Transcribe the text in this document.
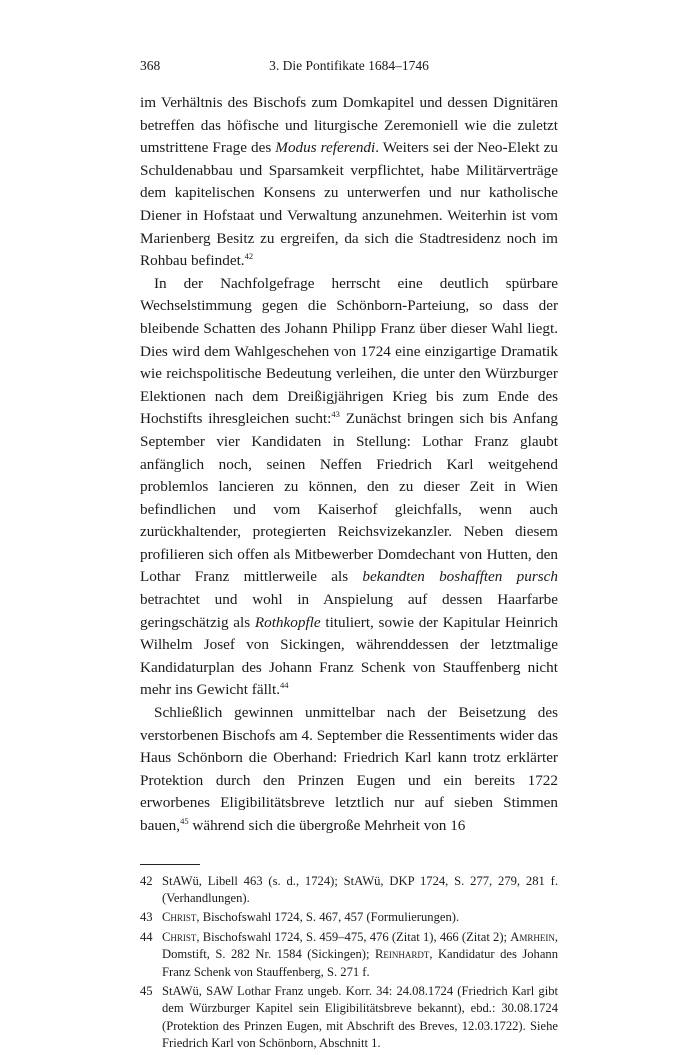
368	3. Die Pontifikate 1684–1746

im Verhältnis des Bischofs zum Domkapitel und dessen Dignitären betreffen das höfische und liturgische Zeremoniell wie die zuletzt umstrittene Frage des Modus referendi. Weiters sei der Neo-Elekt zu Schuldenabbau und Sparsamkeit verpflichtet, habe Militärverträge dem kapitelischen Konsens zu unterwerfen und nur katholische Diener in Hofstaat und Verwaltung anzunehmen. Weiterhin ist vom Marienberg Besitz zu ergreifen, da sich die Stadtresidenz noch im Rohbau befindet.$^{42}$

In der Nachfolgefrage herrscht eine deutlich spürbare Wechselstimmung gegen die Schönborn-Parteiung, so dass der bleibende Schatten des Johann Philipp Franz über dieser Wahl liegt. Dies wird dem Wahlgeschehen von 1724 eine einzigartige Dramatik wie reichspolitische Bedeutung verleihen, die unter den Würzburger Elektionen nach dem Dreißigjährigen Krieg bis zum Ende des Hochstifts ihresgleichen sucht:$^{43}$ Zunächst bringen sich bis Anfang September vier Kandidaten in Stellung: Lothar Franz glaubt anfänglich noch, seinen Neffen Friedrich Karl weitgehend problemlos lancieren zu können, den zu dieser Zeit in Wien befindlichen und vom Kaiserhof gleichfalls, wenn auch zurückhaltender, protegierten Reichsvizekanzler. Neben diesem profilieren sich offen als Mitbewerber Domdechant von Hutten, den Lothar Franz mittlerweile als bekandten boshafften pursch betrachtet und wohl in Anspielung auf dessen Haarfarbe geringschätzig als Rothkopfle tituliert, sowie der Kapitular Heinrich Wilhelm Josef von Sickingen, währenddessen der letztmalige Kandidaturplan des Johann Franz Schenk von Stauffenberg nicht mehr ins Gewicht fällt.$^{44}$

Schließlich gewinnen unmittelbar nach der Beisetzung des verstorbenen Bischofs am 4. September die Ressentiments wider das Haus Schönborn die Oberhand: Friedrich Karl kann trotz erklärter Protektion durch den Prinzen Eugen und ein bereits 1722 erworbenes Eligibilitätsbreve letztlich nur auf sieben Stimmen bauen,$^{45}$ während sich die übergroße Mehrheit von 16

42 StAWü, Libell 463 (s. d., 1724); StAWü, DKP 1724, S. 277, 279, 281 f. (Verhandlungen).
43 Christ, Bischofswahl 1724, S. 467, 457 (Formulierungen).
44 Christ, Bischofswahl 1724, S. 459–475, 476 (Zitat 1), 466 (Zitat 2); Amrhein, Domstift, S. 282 Nr. 1584 (Sickingen); Reinhardt, Kandidatur des Johann Franz Schenk von Stauffenberg, S. 271 f.
45 StAWü, SAW Lothar Franz ungeb. Korr. 34: 24.08.1724 (Friedrich Karl gibt dem Würzburger Kapitel sein Eligibilitätsbreve bekannt), ebd.: 30.08.1724 (Protektion des Prinzen Eugen, mit Abschrift des Breves, 12.03.1722). Siehe Friedrich Karl von Schönborn, Abschnitt 1.
